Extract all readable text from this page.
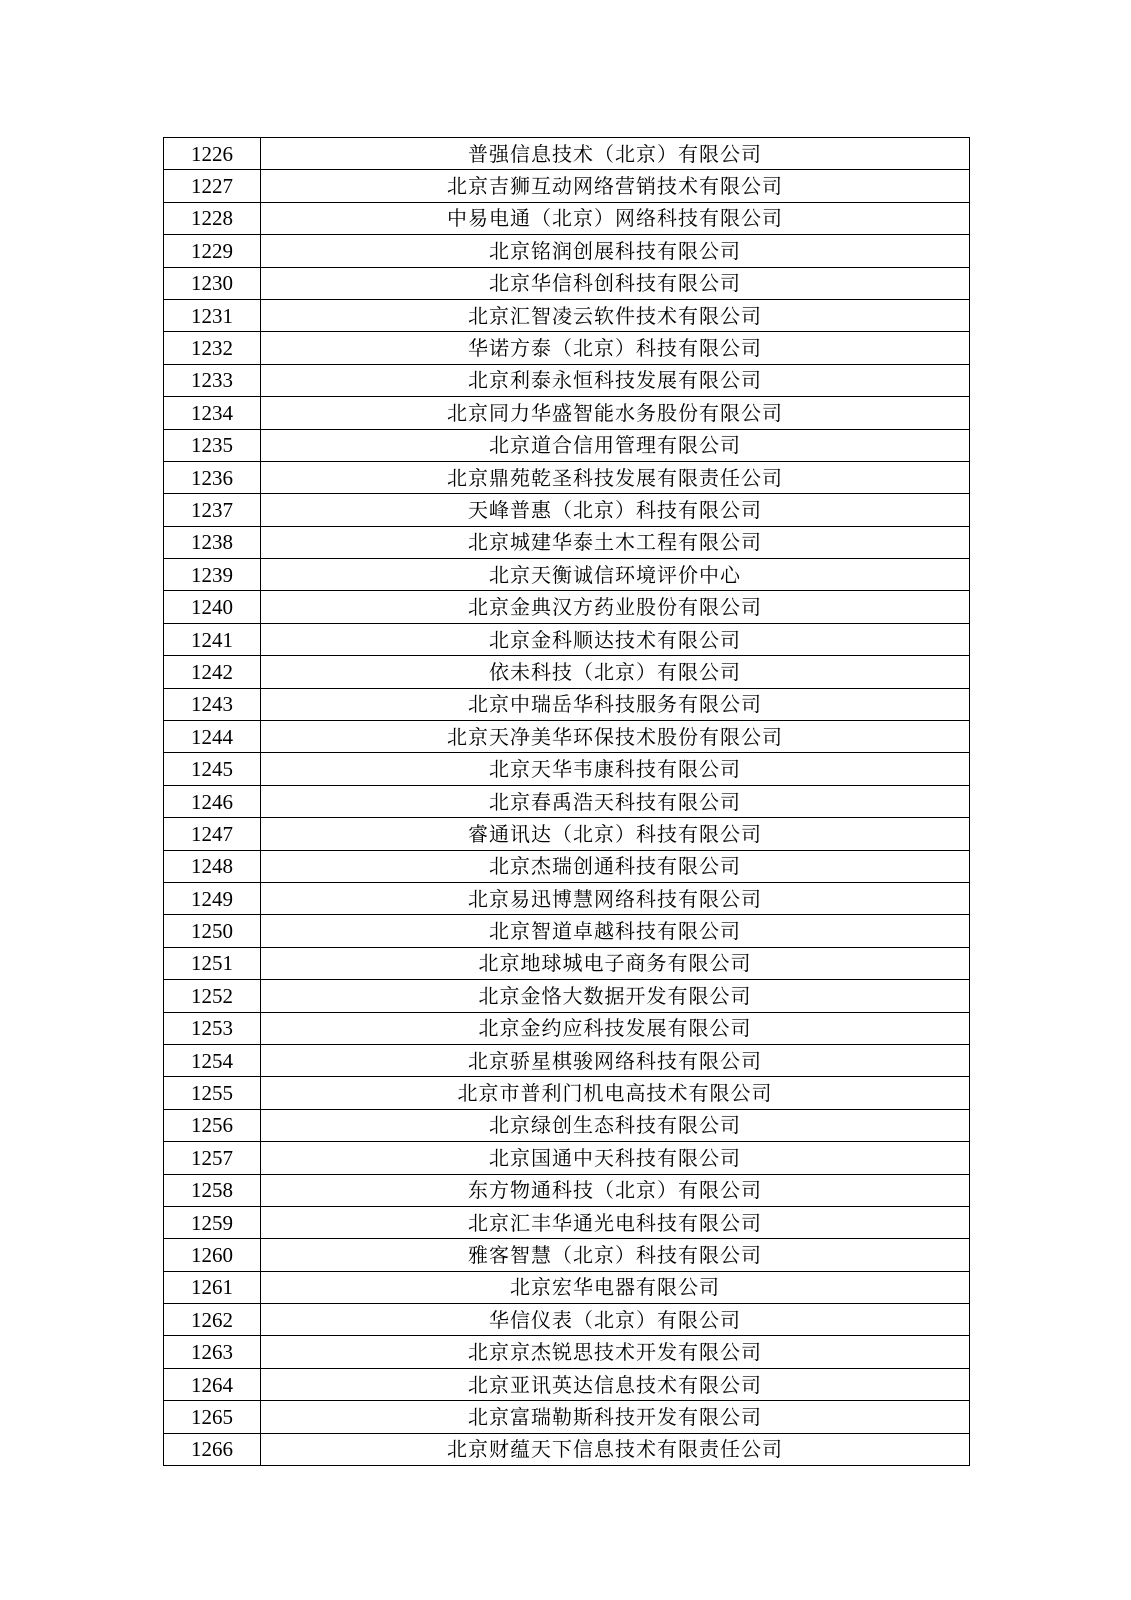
1226	普强信息技术（北京）有限公司
1227	北京吉狮互动网络营销技术有限公司
1228	中易电通（北京）网络科技有限公司
1229	北京铭润创展科技有限公司
1230	北京华信科创科技有限公司
1231	北京汇智凌云软件技术有限公司
1232	华诺方泰（北京）科技有限公司
1233	北京利泰永恒科技发展有限公司
1234	北京同力华盛智能水务股份有限公司
1235	北京道合信用管理有限公司
1236	北京鼎苑乾圣科技发展有限责任公司
1237	天峰普惠（北京）科技有限公司
1238	北京城建华泰土木工程有限公司
1239	北京天衡诚信环境评价中心
1240	北京金典汉方药业股份有限公司
1241	北京金科顺达技术有限公司
1242	依未科技（北京）有限公司
1243	北京中瑞岳华科技服务有限公司
1244	北京天净美华环保技术股份有限公司
1245	北京天华韦康科技有限公司
1246	北京春禹浩天科技有限公司
1247	睿通讯达（北京）科技有限公司
1248	北京杰瑞创通科技有限公司
1249	北京易迅博慧网络科技有限公司
1250	北京智道卓越科技有限公司
1251	北京地球城电子商务有限公司
1252	北京金恪大数据开发有限公司
1253	北京金约应科技发展有限公司
1254	北京骄星棋骏网络科技有限公司
1255	北京市普利门机电高技术有限公司
1256	北京绿创生态科技有限公司
1257	北京国通中天科技有限公司
1258	东方物通科技（北京）有限公司
1259	北京汇丰华通光电科技有限公司
1260	雅客智慧（北京）科技有限公司
1261	北京宏华电器有限公司
1262	华信仪表（北京）有限公司
1263	北京京杰锐思技术开发有限公司
1264	北京亚讯英达信息技术有限公司
1265	北京富瑞勒斯科技开发有限公司
1266	北京财蕴天下信息技术有限责任公司
